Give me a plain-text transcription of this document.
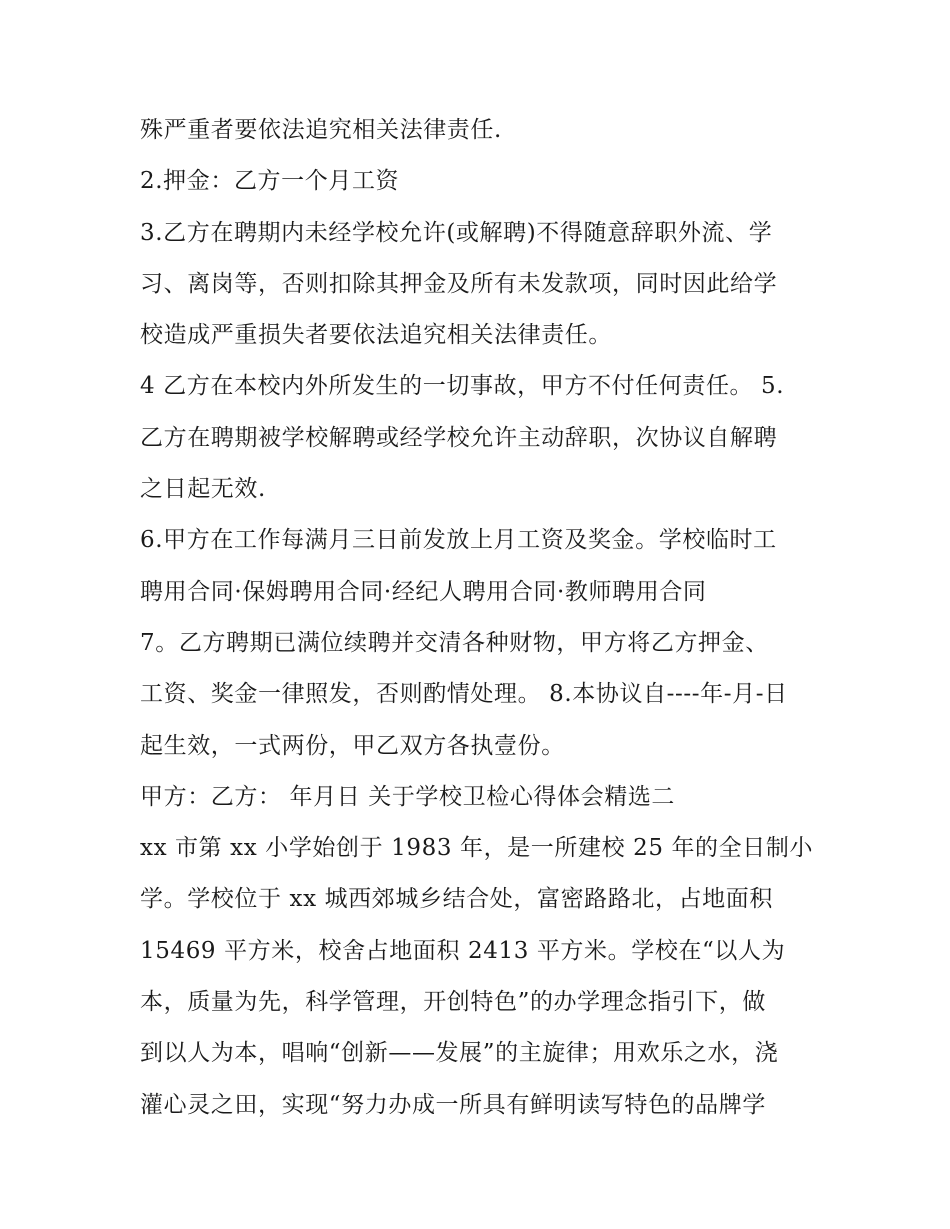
殊严重者要依法追究相关法律责任.

2.押金：乙方一个月工资

3.乙方在聘期内未经学校允许(或解聘)不得随意辞职外流、学

习、离岗等，否则扣除其押金及所有未发款项，同时因此给学

校造成严重损失者要依法追究相关法律责任。

4 乙方在本校内外所发生的一切事故，甲方不付任何责任。 5.

乙方在聘期被学校解聘或经学校允许主动辞职，次协议自解聘

之日起无效.

6.甲方在工作每满月三日前发放上月工资及奖金。学校临时工

聘用合同·保姆聘用合同·经纪人聘用合同·教师聘用合同

7。乙方聘期已满位续聘并交清各种财物，甲方将乙方押金、

工资、奖金一律照发，否则酌情处理。 8.本协议自----年-月-日

起生效，一式两份，甲乙双方各执壹份。

甲方：乙方： 年月日 关于学校卫检心得体会精选二

xx 市第 xx 小学始创于 1983 年，是一所建校 25 年的全日制小

学。学校位于 xx 城西郊城乡结合处，富密路路北，占地面积

15469 平方米，校舍占地面积 2413 平方米。学校在“以人为

本，质量为先，科学管理，开创特色”的办学理念指引下，做

到以人为本，唱响“创新——发展”的主旋律；用欢乐之水，浇

灌心灵之田，实现“努力办成一所具有鲜明读写特色的品牌学
